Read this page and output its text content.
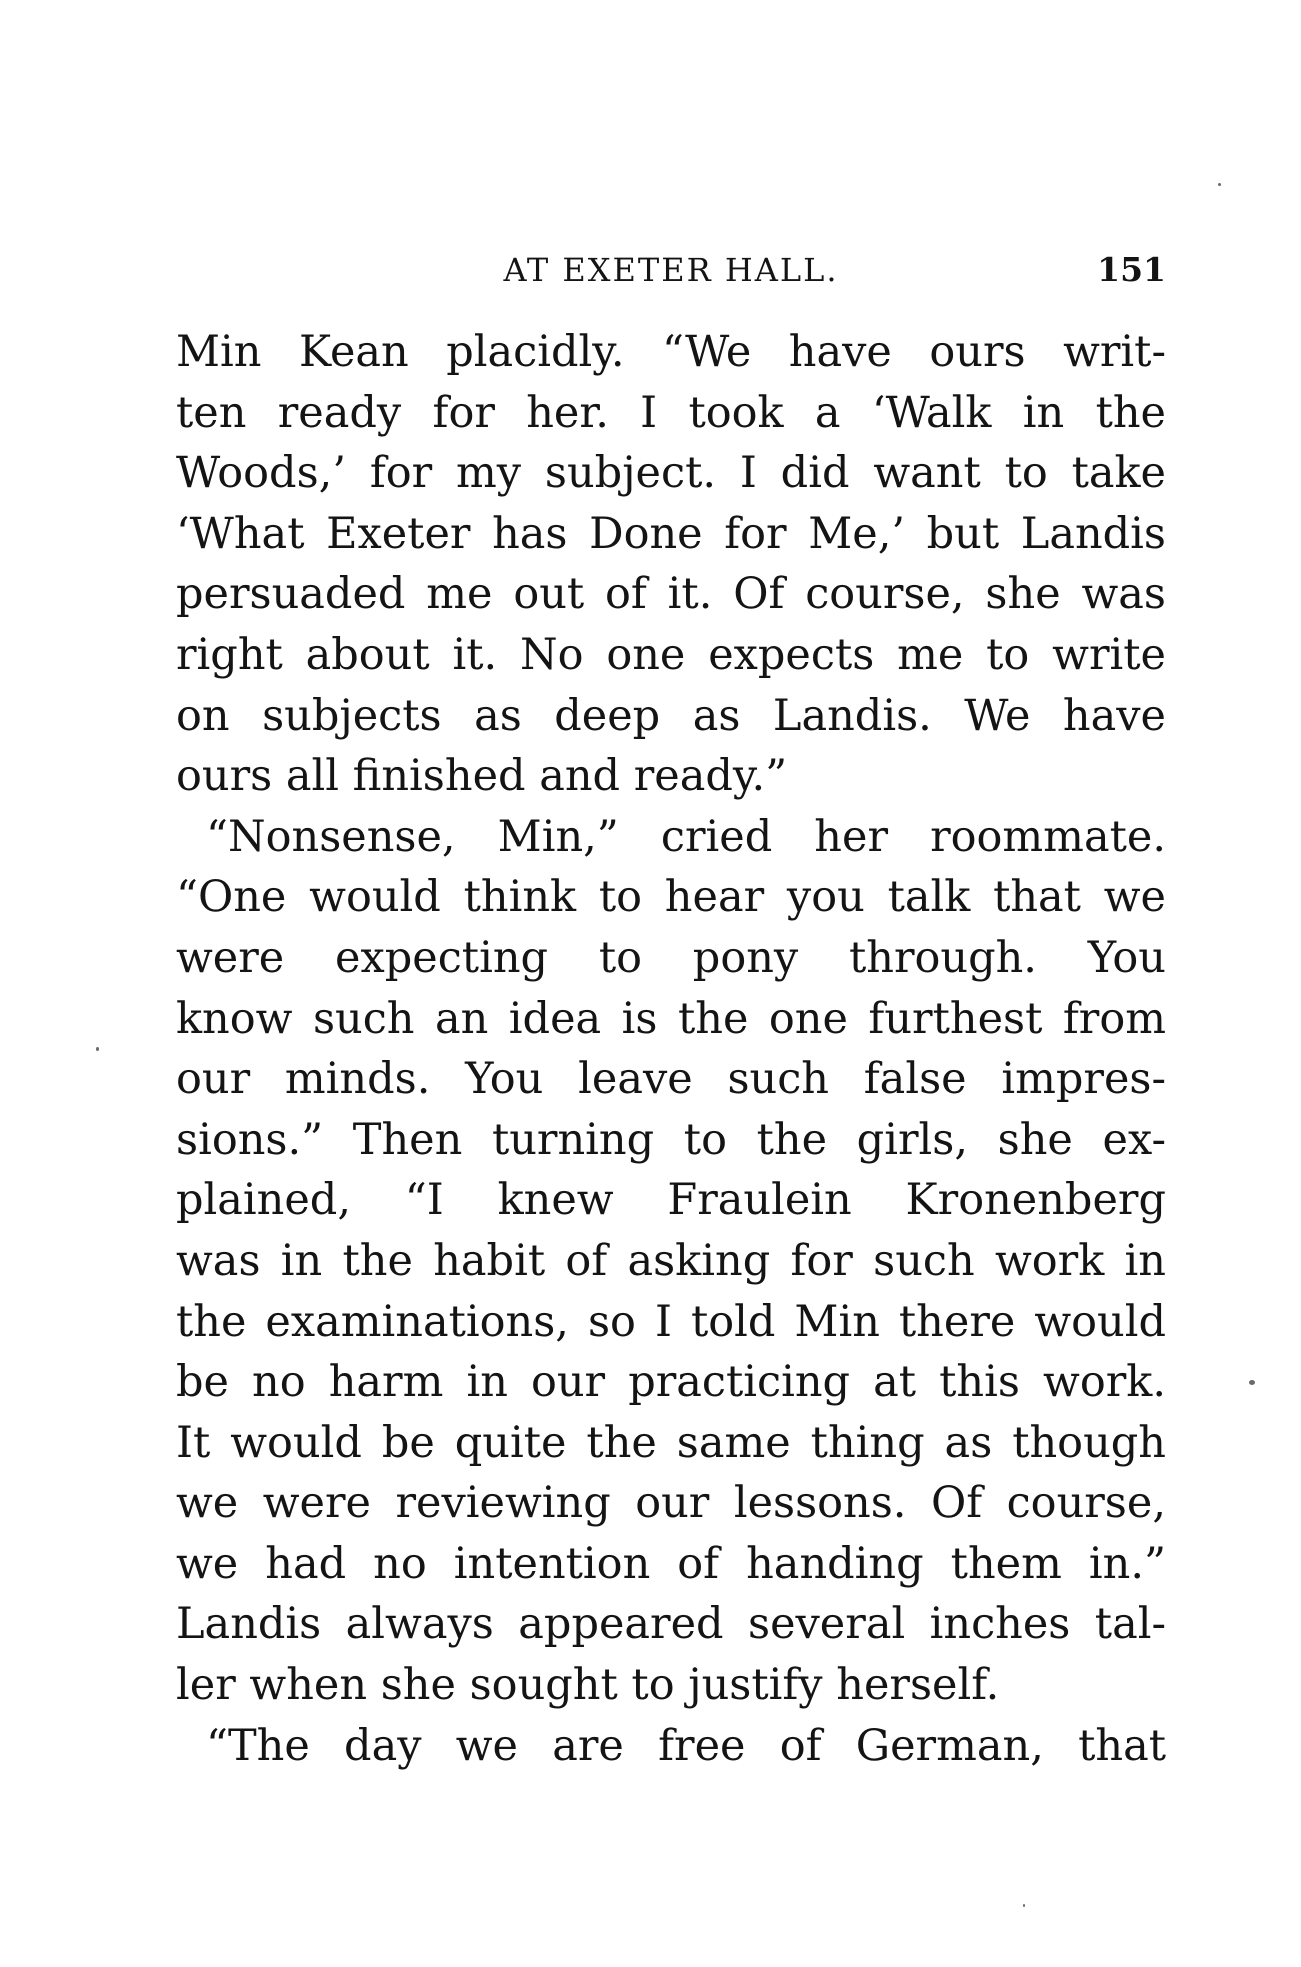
AT EXETER HALL.	151
Min Kean placidly. “We have ours writ-
ten ready for her. I took a ‘Walk in the
Woods,’ for my subject. I did want to take
‘What Exeter has Done for Me,’ but Landis
persuaded me out of it. Of course, she was
right about it. No one expects me to write
on subjects as deep as Landis. We have
ours all finished and ready.”
“Nonsense, Min,” cried her roommate.
“One would think to hear you talk that we
were expecting to pony through. You
know such an idea is the one furthest from
our minds. You leave such false impres-
sions.” Then turning to the girls, she ex-
plained, “I knew Fraulein Kronenberg
was in the habit of asking for such work in
the examinations, so I told Min there would
be no harm in our practicing at this work.
It would be quite the same thing as though
we were reviewing our lessons. Of course,
we had no intention of handing them in.”
Landis always appeared several inches tal-
ler when she sought to justify herself.
“The day we are free of German, that
